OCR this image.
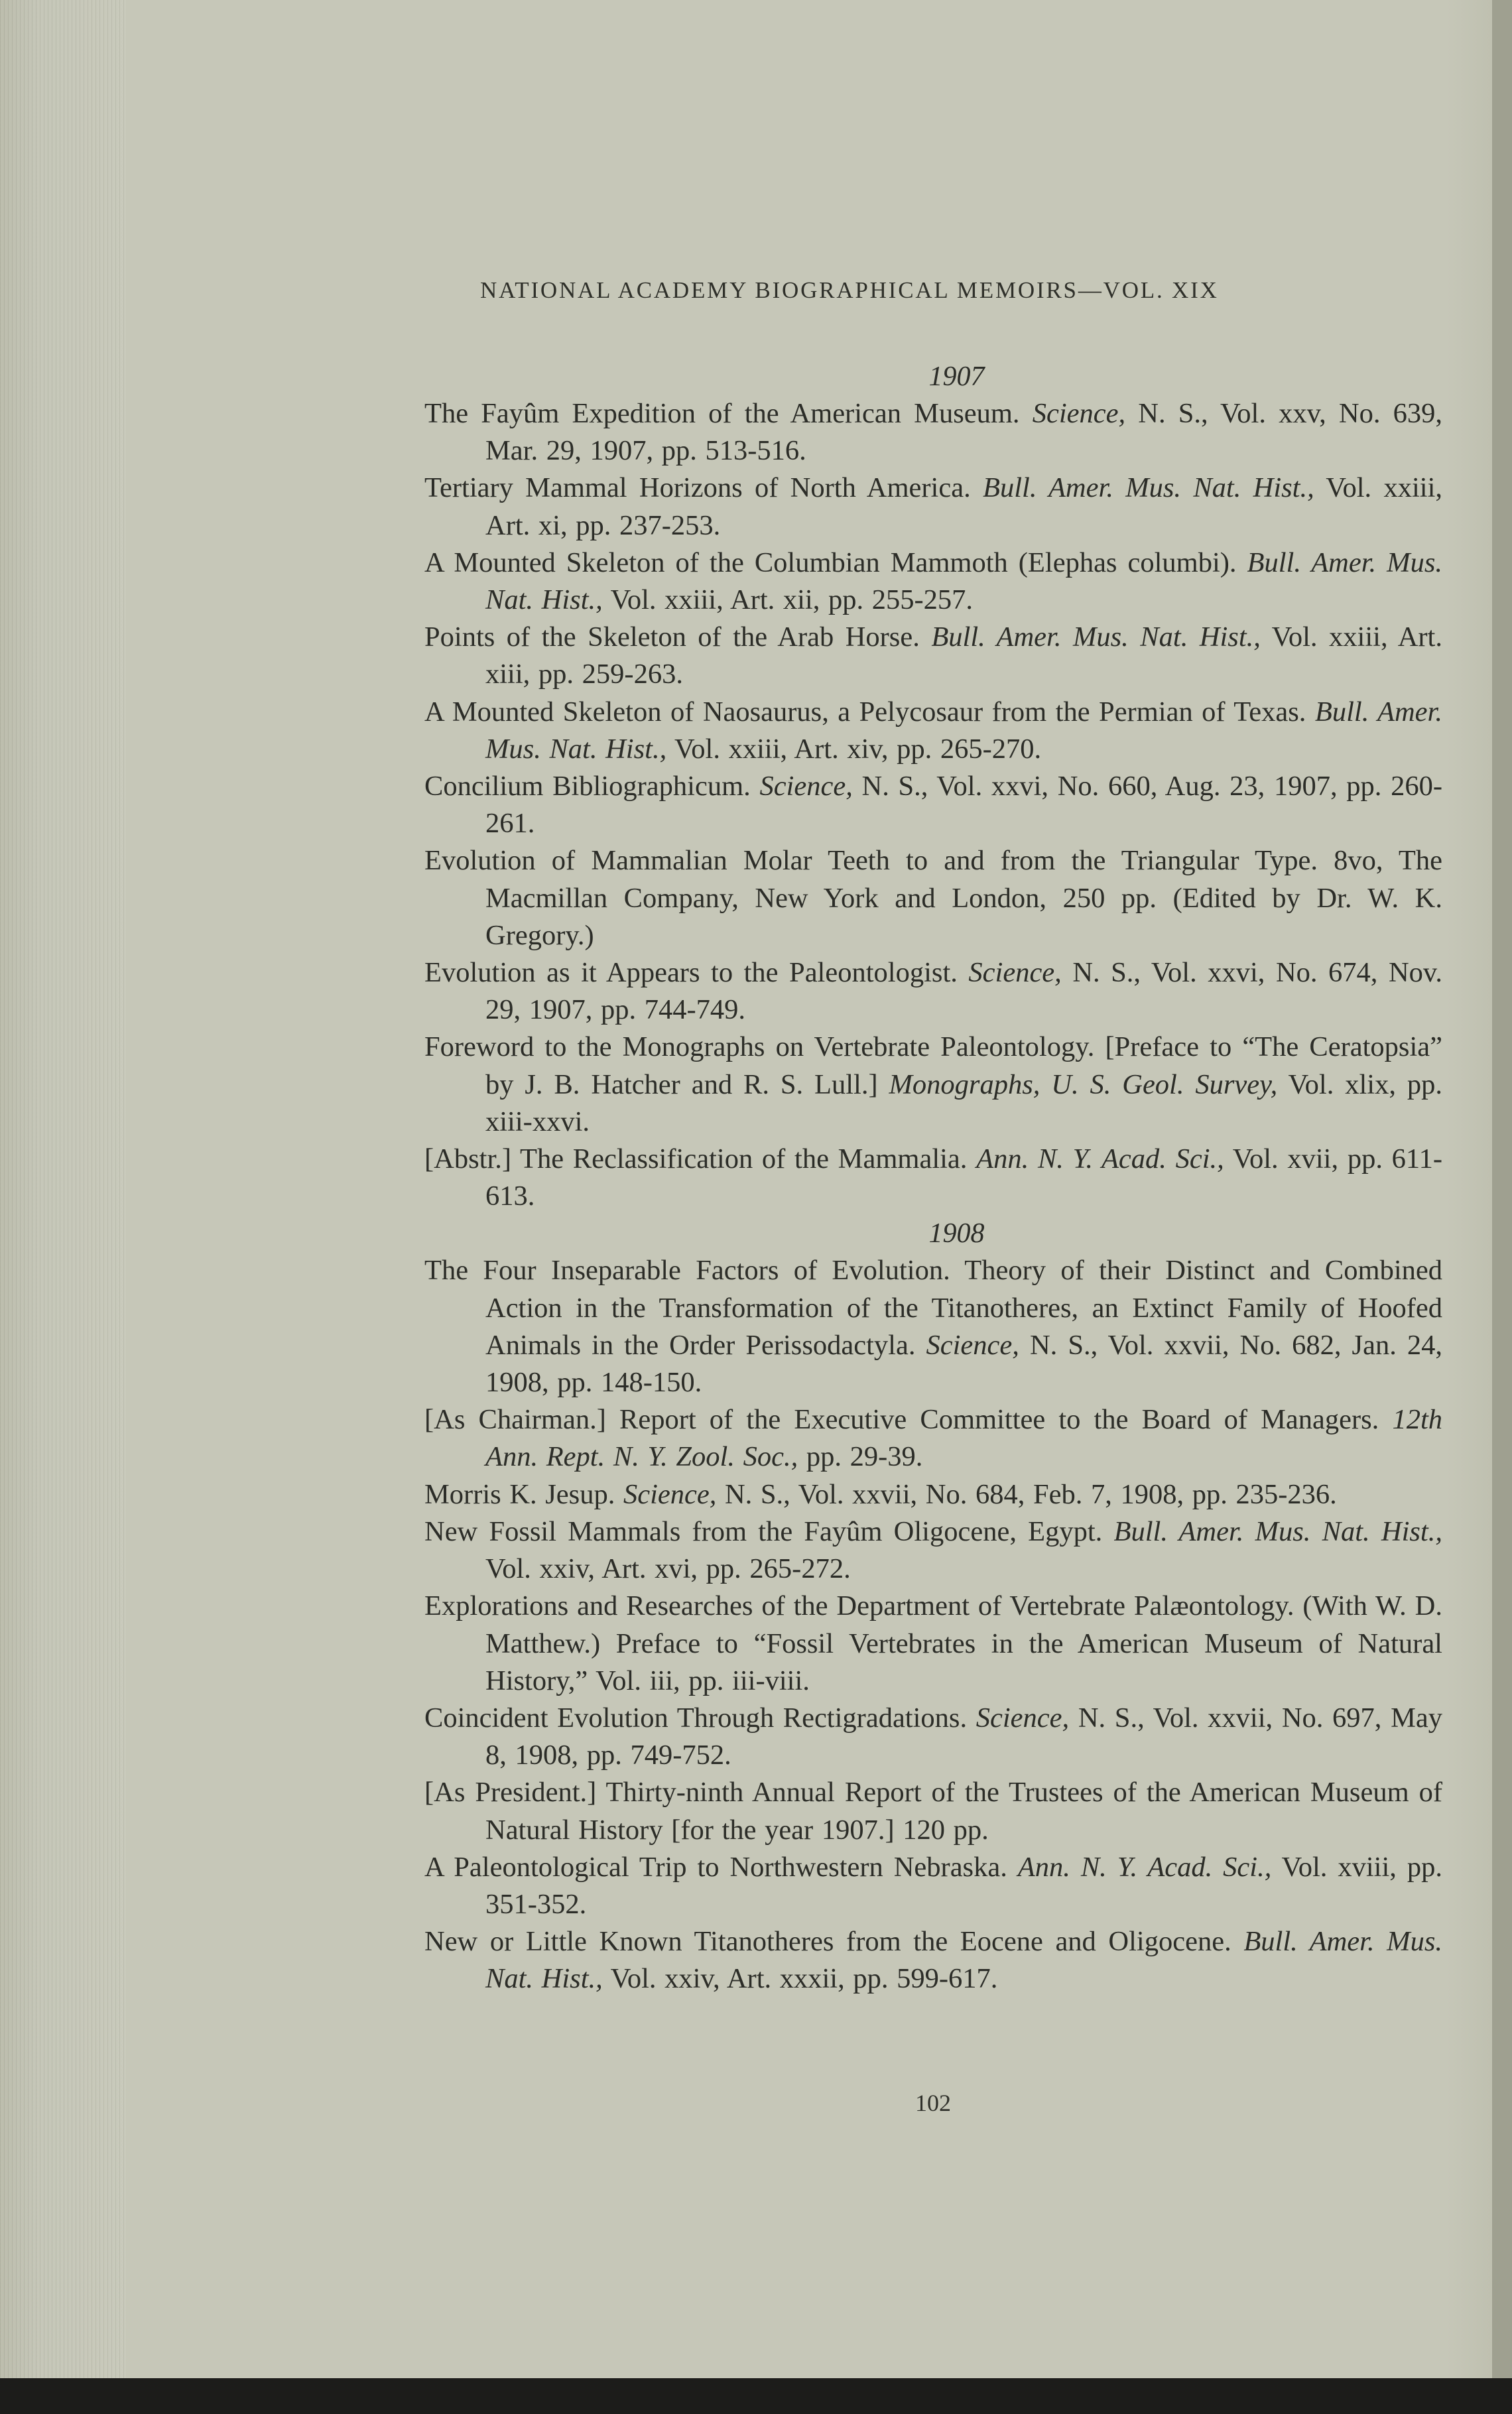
NATIONAL ACADEMY BIOGRAPHICAL MEMOIRS—VOL. XIX

1907

The Fayûm Expedition of the American Museum. Science, N. S., Vol. xxv, No. 639, Mar. 29, 1907, pp. 513-516.

Tertiary Mammal Horizons of North America. Bull. Amer. Mus. Nat. Hist., Vol. xxiii, Art. xi, pp. 237-253.

A Mounted Skeleton of the Columbian Mammoth (Elephas columbi). Bull. Amer. Mus. Nat. Hist., Vol. xxiii, Art. xii, pp. 255-257.

Points of the Skeleton of the Arab Horse. Bull. Amer. Mus. Nat. Hist., Vol. xxiii, Art. xiii, pp. 259-263.

A Mounted Skeleton of Naosaurus, a Pelycosaur from the Permian of Texas. Bull. Amer. Mus. Nat. Hist., Vol. xxiii, Art. xiv, pp. 265-270.

Concilium Bibliographicum. Science, N. S., Vol. xxvi, No. 660, Aug. 23, 1907, pp. 260-261.

Evolution of Mammalian Molar Teeth to and from the Triangular Type. 8vo, The Macmillan Company, New York and London, 250 pp. (Edited by Dr. W. K. Gregory.)

Evolution as it Appears to the Paleontologist. Science, N. S., Vol. xxvi, No. 674, Nov. 29, 1907, pp. 744-749.

Foreword to the Monographs on Vertebrate Paleontology. [Preface to “The Ceratopsia” by J. B. Hatcher and R. S. Lull.] Monographs, U. S. Geol. Survey, Vol. xlix, pp. xiii-xxvi.

[Abstr.] The Reclassification of the Mammalia. Ann. N. Y. Acad. Sci., Vol. xvii, pp. 611-613.

1908

The Four Inseparable Factors of Evolution. Theory of their Distinct and Combined Action in the Transformation of the Titanotheres, an Extinct Family of Hoofed Animals in the Order Perissodactyla. Science, N. S., Vol. xxvii, No. 682, Jan. 24, 1908, pp. 148-150.

[As Chairman.] Report of the Executive Committee to the Board of Managers. 12th Ann. Rept. N. Y. Zool. Soc., pp. 29-39.

Morris K. Jesup. Science, N. S., Vol. xxvii, No. 684, Feb. 7, 1908, pp. 235-236.

New Fossil Mammals from the Fayûm Oligocene, Egypt. Bull. Amer. Mus. Nat. Hist., Vol. xxiv, Art. xvi, pp. 265-272.

Explorations and Researches of the Department of Vertebrate Palæontology. (With W. D. Matthew.) Preface to “Fossil Vertebrates in the American Museum of Natural History,” Vol. iii, pp. iii-viii.

Coincident Evolution Through Rectigradations. Science, N. S., Vol. xxvii, No. 697, May 8, 1908, pp. 749-752.

[As President.] Thirty-ninth Annual Report of the Trustees of the American Museum of Natural History [for the year 1907.] 120 pp.

A Paleontological Trip to Northwestern Nebraska. Ann. N. Y. Acad. Sci., Vol. xviii, pp. 351-352.

New or Little Known Titanotheres from the Eocene and Oligocene. Bull. Amer. Mus. Nat. Hist., Vol. xxiv, Art. xxxii, pp. 599-617.

102
